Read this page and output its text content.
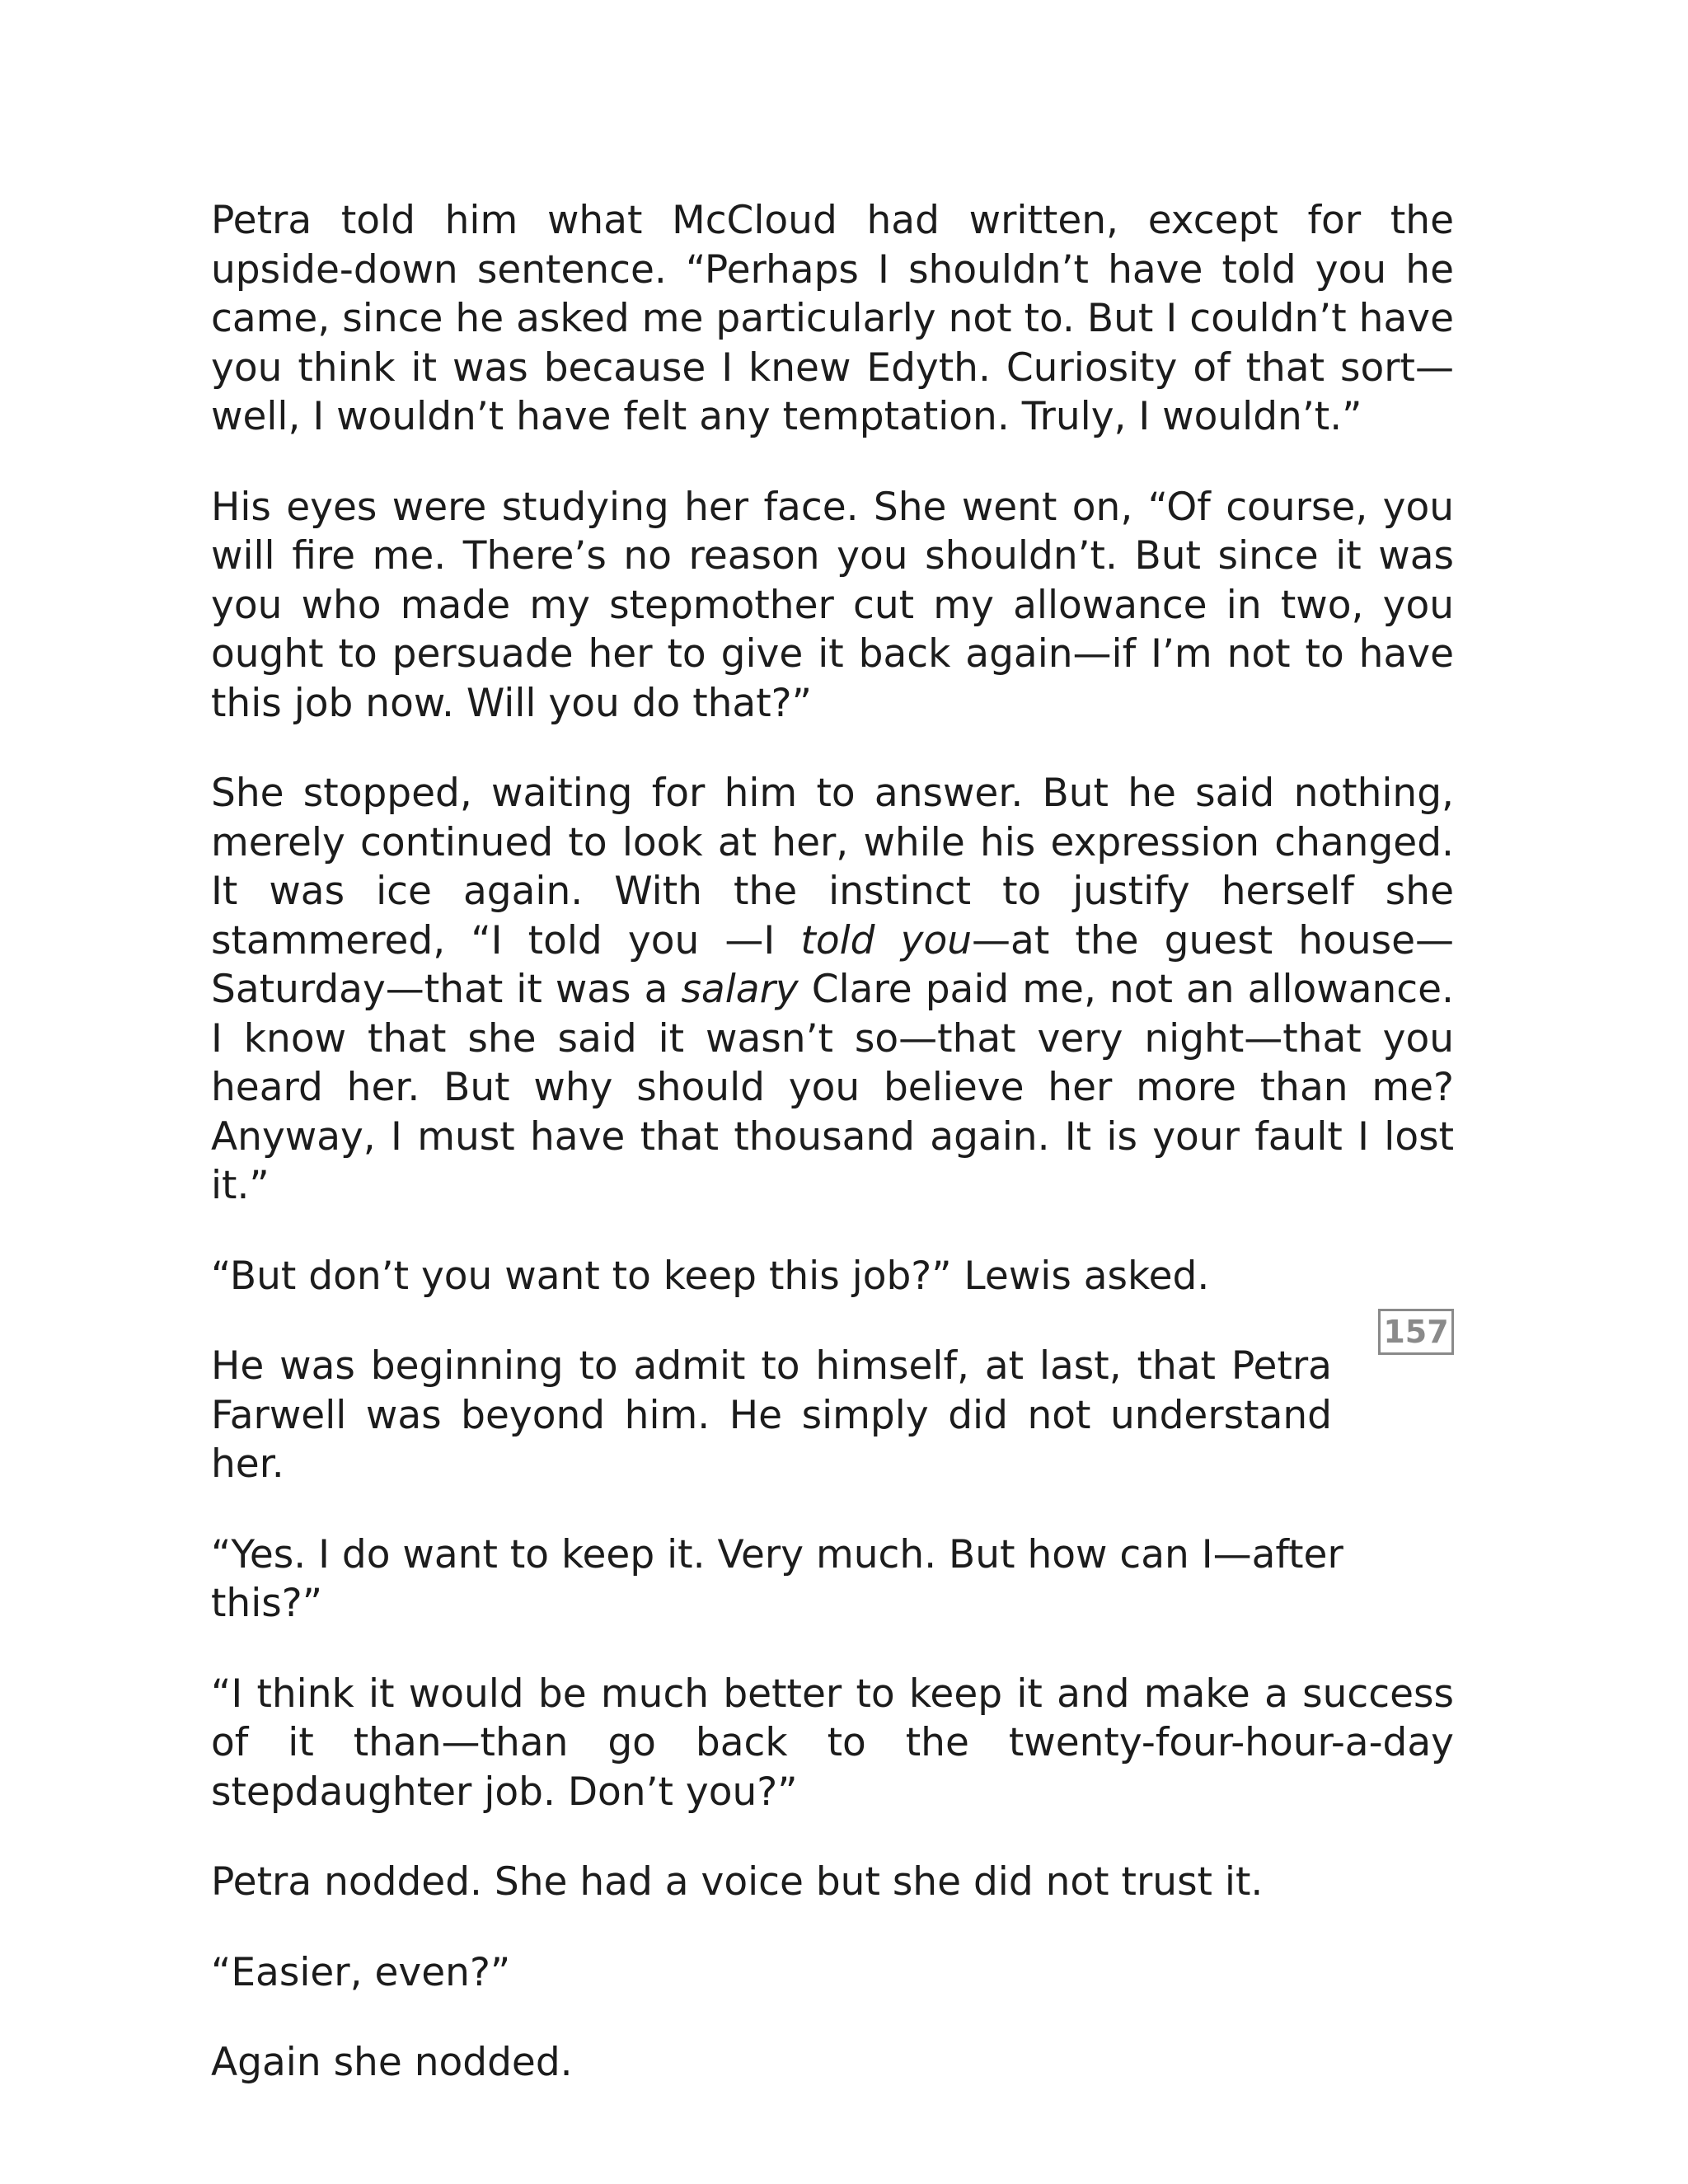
Petra told him what McCloud had written, except for the upside-down sentence. “Perhaps I shouldn’t have told you he came, since he asked me particularly not to. But I couldn’t have you think it was because I knew Edyth. Curiosity of that sort—well, I wouldn’t have felt any temptation. Truly, I wouldn’t.”

His eyes were studying her face. She went on, “Of course, you will fire me. There’s no reason you shouldn’t. But since it was you who made my stepmother cut my allowance in two, you ought to persuade her to give it back again—if I’m not to have this job now. Will you do that?”

She stopped, waiting for him to answer. But he said nothing, merely continued to look at her, while his expression changed. It was ice again. With the instinct to justify herself she stammered, “I told you —I told you—at the guest house—Saturday—that it was a salary Clare paid me, not an allowance. I know that she said it wasn’t so—that very night—that you heard her. But why should you believe her more than me? Anyway, I must have that thousand again. It is your fault I lost it.”

“But don’t you want to keep this job?” Lewis asked.

He was beginning to admit to himself, at last, that Petra Farwell was beyond him. He simply did not understand her.

“Yes. I do want to keep it. Very much. But how can I—after this?”

“I think it would be much better to keep it and make a success of it than—than go back to the twenty-four-hour-a-day stepdaughter job. Don’t you?”

Petra nodded. She had a voice but she did not trust it.

“Easier, even?”

Again she nodded.

157
